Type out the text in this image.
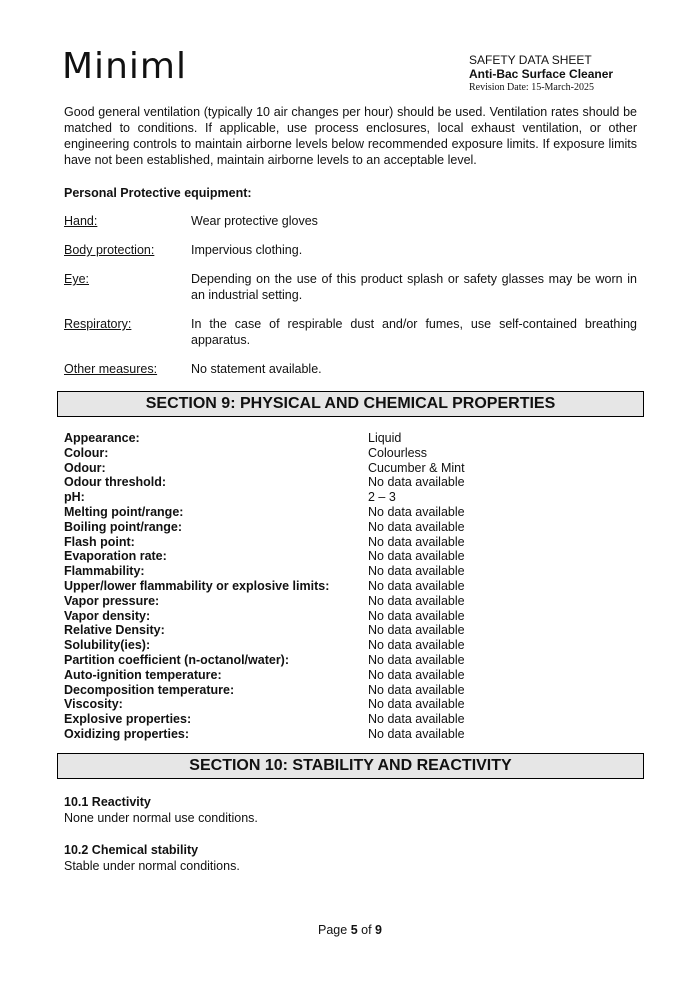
Miniml	SAFETY DATA SHEET
Anti-Bac Surface Cleaner
Revision Date: 15-March-2025

Good general ventilation (typically 10 air changes per hour) should be used. Ventilation rates should be matched to conditions. If applicable, use process enclosures, local exhaust ventilation, or other engineering controls to maintain airborne levels below recommended exposure limits. If exposure limits have not been established, maintain airborne levels to an acceptable level.

Personal Protective equipment:

Hand:	Wear protective gloves
Body protection:	Impervious clothing.
Eye:	Depending on the use of this product splash or safety glasses may be worn in an industrial setting.
Respiratory:	In the case of respirable dust and/or fumes, use self-contained breathing apparatus.
Other measures:	No statement available.
SECTION 9: PHYSICAL AND CHEMICAL PROPERTIES
Appearance:	Liquid
Colour:	Colourless
Odour:	Cucumber & Mint
Odour threshold:	No data available
pH:	2 – 3
Melting point/range:	No data available
Boiling point/range:	No data available
Flash point:	No data available
Evaporation rate:	No data available
Flammability:	No data available
Upper/lower flammability or explosive limits:	No data available
Vapor pressure:	No data available
Vapor density:	No data available
Relative Density:	No data available
Solubility(ies):	No data available
Partition coefficient (n-octanol/water):	No data available
Auto-ignition temperature:	No data available
Decomposition temperature:	No data available
Viscosity:	No data available
Explosive properties:	No data available
Oxidizing properties:	No data available
SECTION 10: STABILITY AND REACTIVITY

10.1 Reactivity

None under normal use conditions.

10.2 Chemical stability

Stable under normal conditions.

Page 5 of 9
